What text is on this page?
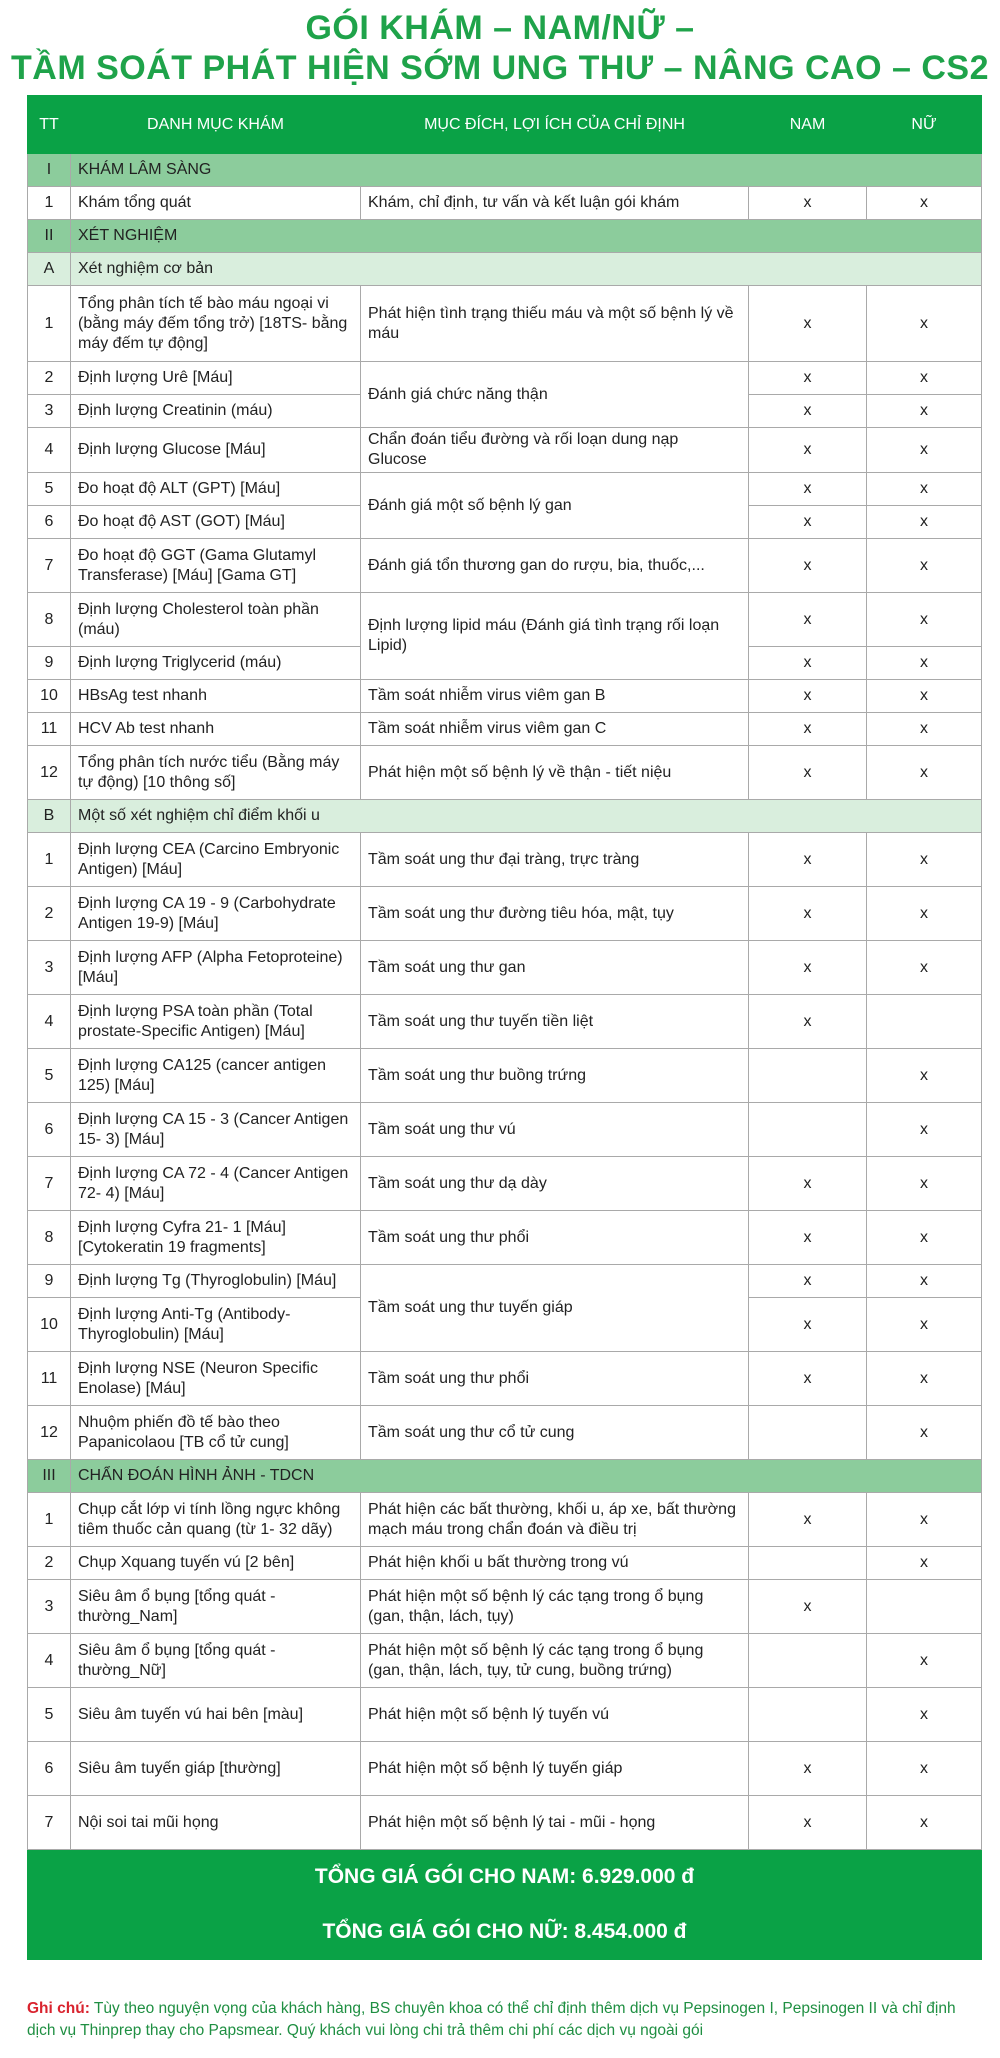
GÓI KHÁM – NAM/NỮ –
TẦM SOÁT PHÁT HIỆN SỚM UNG THƯ – NÂNG CAO – CS2
TT	DANH MỤC KHÁM	MỤC ĐÍCH, LỢI ÍCH CỦA CHỈ ĐỊNH	NAM	NỮ
I	KHÁM LÂM SÀNG			
1	Khám tổng quát	Khám, chỉ định, tư vấn và kết luận gói khám	x	x
II	XÉT NGHIỆM			
A	Xét nghiệm cơ bản			
1	Tổng phân tích tế bào máu ngoại vi (bằng máy đếm tổng trở) [18TS- bằng máy đếm tự động]	Phát hiện tình trạng thiếu máu và một số bệnh lý về máu	x	x
2	Định lượng Urê [Máu]	Đánh giá chức năng thận	x	x
3	Định lượng Creatinin (máu)		x	x
4	Định lượng Glucose [Máu]	Chẩn đoán tiểu đường và rối loạn dung nạp Glucose	x	x
5	Đo hoạt độ ALT (GPT) [Máu]	Đánh giá một số bệnh lý gan	x	x
6	Đo hoạt độ AST (GOT) [Máu]		x	x
7	Đo hoạt độ GGT (Gama Glutamyl Transferase) [Máu] [Gama GT]	Đánh giá tổn thương gan do rượu, bia, thuốc,...	x	x
8	Định lượng Cholesterol toàn phần (máu)	Định lượng lipid máu (Đánh giá tình trạng rối loạn Lipid)	x	x
9	Định lượng Triglycerid (máu)		x	x
10	HBsAg test nhanh	Tầm soát nhiễm virus viêm gan B	x	x
11	HCV Ab test nhanh	Tầm soát nhiễm virus viêm gan C	x	x
12	Tổng phân tích nước tiểu (Bằng máy tự động) [10 thông số]	Phát hiện một số bệnh lý về thận - tiết niệu	x	x
B	Một số xét nghiệm chỉ điểm khối u			
1	Định lượng CEA (Carcino Embryonic Antigen) [Máu]	Tầm soát ung thư đại tràng, trực tràng	x	x
2	Định lượng CA 19 - 9 (Carbohydrate Antigen 19-9) [Máu]	Tầm soát ung thư đường tiêu hóa, mật, tụy	x	x
3	Định lượng AFP (Alpha Fetoproteine) [Máu]	Tầm soát ung thư gan	x	x
4	Định lượng PSA toàn phần (Total prostate-Specific Antigen) [Máu]	Tầm soát ung thư tuyến tiền liệt	x	
5	Định lượng CA125 (cancer antigen 125) [Máu]	Tầm soát ung thư buồng trứng		x
6	Định lượng CA 15 - 3 (Cancer Antigen 15- 3) [Máu]	Tầm soát ung thư vú		x
7	Định lượng CA 72 - 4 (Cancer Antigen 72- 4) [Máu]	Tầm soát ung thư dạ dày	x	x
8	Định lượng Cyfra 21- 1 [Máu] [Cytokeratin 19 fragments]	Tầm soát ung thư phổi	x	x
9	Định lượng Tg (Thyroglobulin) [Máu]	Tầm soát ung thư tuyến giáp	x	x
10	Định lượng Anti-Tg (Antibody- Thyroglobulin) [Máu]		x	x
11	Định lượng NSE (Neuron Specific Enolase) [Máu]	Tầm soát ung thư phổi	x	x
12	Nhuộm phiến đồ tế bào theo Papanicolaou [TB cổ tử cung]	Tầm soát ung thư cổ tử cung		x
III	CHẨN ĐOÁN HÌNH ẢNH - TDCN			
1	Chụp cắt lớp vi tính lồng ngực không tiêm thuốc cản quang (từ 1- 32 dãy)	Phát hiện các bất thường, khối u, áp xe, bất thường mạch máu trong chẩn đoán và điều trị	x	x
2	Chụp Xquang tuyến vú [2 bên]	Phát hiện khối u bất thường trong vú		x
3	Siêu âm ổ bụng [tổng quát - thường_Nam]	Phát hiện một số bệnh lý các tạng trong ổ bụng (gan, thận, lách, tụy)	x	
4	Siêu âm ổ bụng [tổng quát - thường_Nữ]	Phát hiện một số bệnh lý các tạng trong ổ bụng (gan, thận, lách, tụy, tử cung, buồng trứng)		x
5	Siêu âm tuyến vú hai bên [màu]	Phát hiện một số bệnh lý tuyến vú		x
6	Siêu âm tuyến giáp [thường]	Phát hiện một số bệnh lý tuyến giáp	x	x
7	Nội soi tai mũi họng	Phát hiện một số bệnh lý tai - mũi - họng	x	x
TỔNG GIÁ GÓI CHO NAM: 6.929.000 đ				
TỔNG GIÁ GÓI CHO NỮ: 8.454.000 đ				
Ghi chú: Tùy theo nguyện vọng của khách hàng, BS chuyên khoa có thể chỉ định thêm dịch vụ Pepsinogen I, Pepsinogen II và chỉ định dịch vụ Thinprep thay cho Papsmear. Quý khách vui lòng chi trả thêm chi phí các dịch vụ ngoài gói
